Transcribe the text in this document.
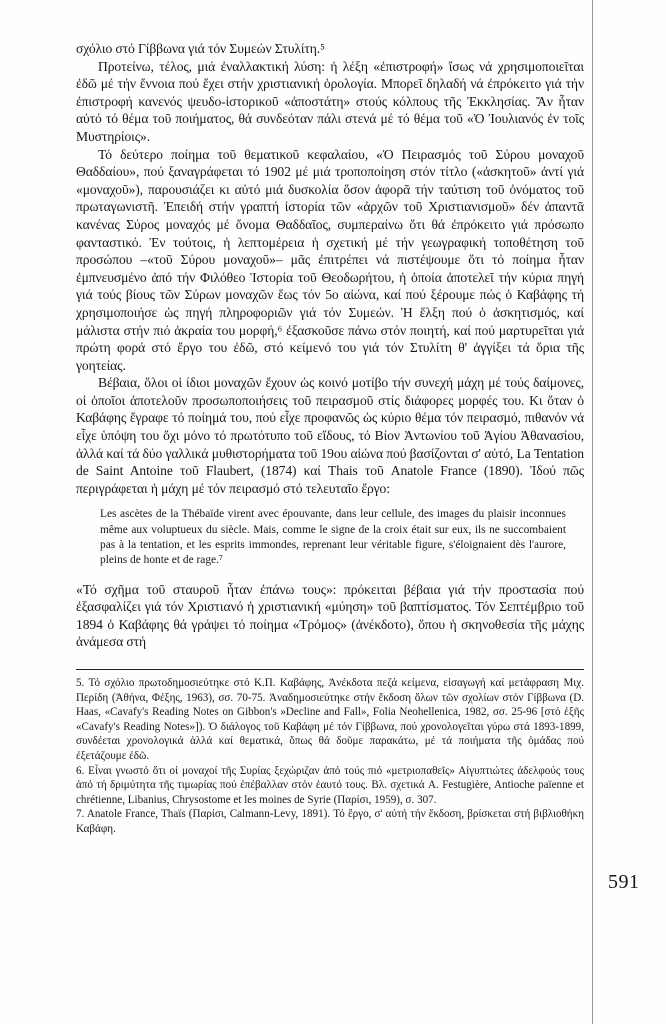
σχόλιο στό Γίββωνα γιά τόν Συμεών Στυλίτη.⁵

Προτείνω, τέλος, μιά ἐναλλακτική λύση: ἡ λέξη «ἐπιστροφή» ἴσως νά χρησιμοποιεῖται ἐδῶ μέ τήν ἔννοια πού ἔχει στήν χριστιανική ὁρολογία. Μπορεῖ δηλαδή νά ἐπρόκειτο γιά τήν ἐπιστροφή κανενός ψευδο-ἱστορικοῦ «ἀποστάτη» στούς κόλπους τῆς Ἐκκλησίας. Ἄν ἦταν αὐτό τό θέμα τοῦ ποιήματος, θά συνδεόταν πάλι στενά μέ τό θέμα τοῦ «Ὁ Ἰουλιανός ἐν τοῖς Μυστηρίοις».

Τό δεύτερο ποίημα τοῦ θεματικοῦ κεφαλαίου, «Ὁ Πειρασμός τοῦ Σύρου μοναχοῦ Θαδδαίου», πού ξαναγράφεται τό 1902 μέ μιά τροποποίηση στόν τίτλο («ἀσκητοῦ» ἀντί γιά «μοναχοῦ»), παρουσιάζει κι αὐτό μιά δυσκολία ὅσον ἀφορᾶ τήν ταύτιση τοῦ ὀνόματος τοῦ πρωταγωνιστῆ. Ἐπειδή στήν γραπτή ἱστορία τῶν «ἀρχῶν τοῦ Χριστιανισμοῦ» δέν ἀπαντᾶ κανένας Σύρος μοναχός μέ ὄνομα Θαδδαῖος, συμπεραίνω ὅτι θά ἐπρόκειτο γιά πρόσωπο φανταστικό. Ἐν τούτοις, ἡ λεπτομέρεια ἡ σχετική μέ τήν γεωγραφική τοποθέτηση τοῦ προσώπου –«τοῦ Σύρου μοναχοῦ»– μᾶς ἐπιτρέπει νά πιστέψουμε ὅτι τό ποίημα ἦταν ἐμπνευσμένο ἀπό τήν Φιλόθεο Ἱστορία τοῦ Θεοδωρήτου, ἡ ὁποία ἀποτελεῖ τήν κύρια πηγή γιά τούς βίους τῶν Σύρων μοναχῶν ἕως τόν 5ο αἰώνα, καί πού ξέρουμε πώς ὁ Καβάφης τή χρησιμοποιήσε ὡς πηγή πληροφοριῶν γιά τόν Συμεών. Ἡ ἕλξη πού ὁ ἀσκητισμός, καί μάλιστα στήν πιό ἀκραία του μορφή,⁶ ἐξασκοῦσε πάνω στόν ποιητή, καί πού μαρτυρεῖται γιά πρώτη φορά στό ἔργο του ἐδῶ, στό κείμενό του γιά τόν Στυλίτη θ' ἀγγίξει τά ὅρια τῆς γοητείας.

Βέβαια, ὅλοι οἱ ίδιοι μοναχῶν ἔχουν ὡς κοινό μοτίβο τήν συνεχή μάχη μέ τούς δαίμονες, οἱ ὁποῖοι ἀποτελοῦν προσωποποιήσεις τοῦ πειρασμοῦ στίς διάφορες μορφές του. Κι ὅταν ὁ Καβάφης ἔγραφε τό ποίημά του, πού εἶχε προφανῶς ὡς κύριο θέμα τόν πειρασμό, πιθανόν νά εἶχε ὑπόψη του ὄχι μόνο τό πρωτότυπο τοῦ εἴδους, τό Βίον Ἀντωνίου τοῦ Ἁγίου Ἀθανασίου, ἀλλά καί τά δύο γαλλικά μυθιστορήματα τοῦ 19ου αἰώνα πού βασίζονται σ' αὐτό, La Tentation de Saint Antoine τοῦ Flaubert, (1874) καί Thais τοῦ Anatole France (1890). Ἰδού πῶς περιγράφεται ἡ μάχη μέ τόν πειρασμό στό τελευταῖο ἔργο:

Les ascètes de la Thébaïde virent avec épouvante, dans leur cellule, des images du plaisir inconnues même aux voluptueux du siècle. Mais, comme le signe de la croix était sur eux, ils ne succombaient pas à la tentation, et les esprits immondes, reprenant leur véritable figure, s'éloignaient dès l'aurore, pleins de honte et de rage.⁷

«Τό σχῆμα τοῦ σταυροῦ ἦταν ἐπάνω τους»: πρόκειται βέβαια γιά τήν προστασία πού ἐξασφαλίζει γιά τόν Χριστιανό ἡ χριστιανική «μύηση» τοῦ βαπτίσματος. Τόν Σεπτέμβριο τοῦ 1894 ὁ Καβάφης θά γράψει τό ποίημα «Τρόμος» (ἀνέκδοτο), ὅπου ἡ σκηνοθεσία τῆς μάχης ἀνάμεσα στή

5. Τό σχόλιο πρωτοδημοσιεύτηκε στό Κ.Π. Καβάφης, Ἀνέκδοτα πεζά κείμενα, εἰσαγωγή καί μετάφραση Μιχ. Περίδη (Ἀθήνα, Φέξης, 1963), σσ. 70-75. Ἀναδημοσιεύτηκε στήν ἔκδοση ὅλων τῶν σχολίων στόν Γίββωνα (D. Haas, «Cavafy's Reading Notes on Gibbon's »Decline and Fall», Folia Neohellenica, 1982, σσ. 25-96 [στό ἑξῆς «Cavafy's Reading Notes»]). Ὁ διάλογος τοῦ Καβάφη μέ τόν Γίββωνα, πού χρονολογεῖται γύρω στά 1893-1899, συνδέεται χρονολογικά ἀλλά καί θεματικά, ὅπως θά δοῦμε παρακάτω, μέ τά ποιήματα τῆς ὁμάδας πού ἐξετάζουμε ἐδῶ.

6. Εἶναι γνωστό ὅτι οἱ μοναχοί τῆς Συρίας ξεχώριζαν ἀπό τούς πιό «μετριοπαθεῖς» Αἰγυπτιώτες ἀδελφούς τους ἀπό τή δριμύτητα τῆς τιμωρίας πού ἐπέβαλλαν στόν ἑαυτό τους. Βλ. σχετικά A. Festugière, Antioche païenne et chrétienne, Libanius, Chrysostome et les moines de Syrie (Παρίσι, 1959), σ. 307.

7. Anatole France, Thaïs (Παρίσι, Calmann-Levy, 1891). Τό ἔργο, σ' αὐτή τήν ἔκδοση, βρίσκεται στή βιβλιοθήκη Καβάφη.

591
